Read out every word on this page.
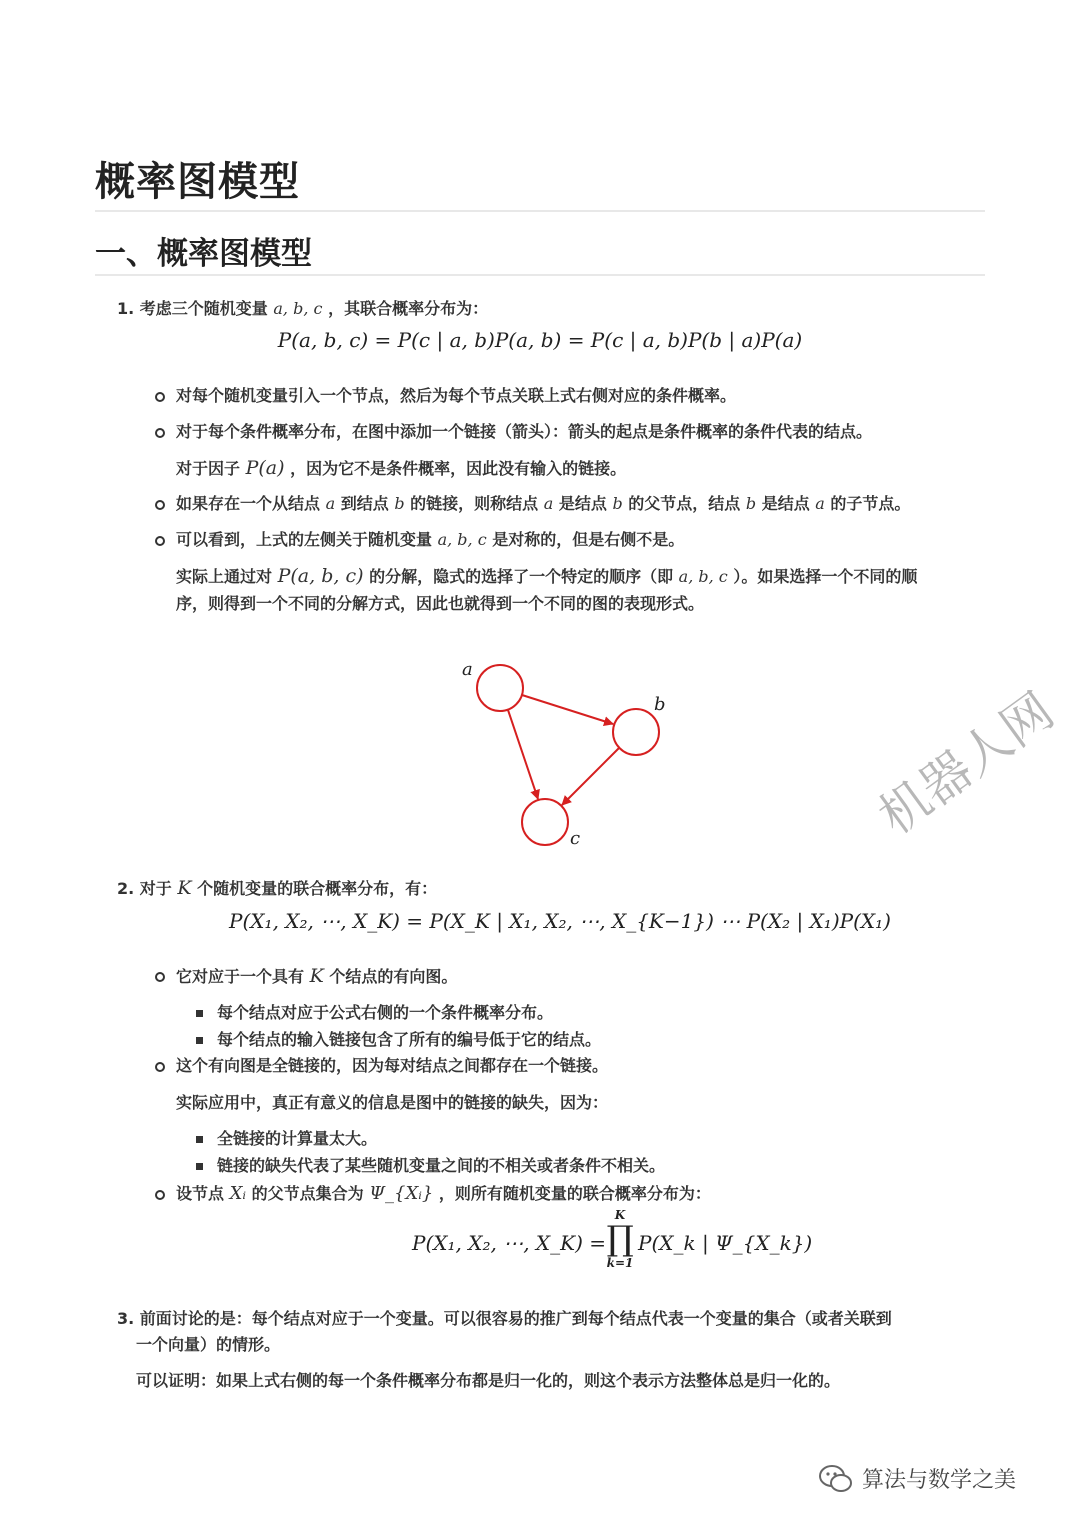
概率图模型
一、概率图模型
1. 考虑三个随机变量 a, b, c ，其联合概率分布为：
P(a, b, c) = P(c | a, b)P(a, b) = P(c | a, b)P(b | a)P(a)
对每个随机变量引入一个节点，然后为每个节点关联上式右侧对应的条件概率。
对于每个条件概率分布，在图中添加一个链接（箭头）：箭头的起点是条件概率的条件代表的结点。
对于因子 P(a) ，因为它不是条件概率，因此没有输入的链接。
如果存在一个从结点 a 到结点 b 的链接，则称结点 a 是结点 b 的父节点，结点 b 是结点 a 的子节点。
可以看到，上式的左侧关于随机变量 a, b, c 是对称的，但是右侧不是。
实际上通过对 P(a, b, c) 的分解，隐式的选择了一个特定的顺序（即 a, b, c ）。如果选择一个不同的顺
序，则得到一个不同的分解方式，因此也就得到一个不同的图的表现形式。
a
b
c	机器人网
2. 对于 K 个随机变量的联合概率分布，有：
P(X₁, X₂, ⋯, X_K) = P(X_K | X₁, X₂, ⋯, X_{K−1}) ⋯ P(X₂ | X₁)P(X₁)
它对应于一个具有 K 个结点的有向图。
每个结点对应于公式右侧的一个条件概率分布。
每个结点的输入链接包含了所有的编号低于它的结点。
这个有向图是全链接的，因为每对结点之间都存在一个链接。
实际应用中，真正有意义的信息是图中的链接的缺失，因为：
全链接的计算量太大。
链接的缺失代表了某些随机变量之间的不相关或者条件不相关。
设节点 Xᵢ 的父节点集合为 Ψ_{Xᵢ} ，则所有随机变量的联合概率分布为：
P(X₁, X₂, ⋯, X_K) =
K
∏
k=1
P(X_k | Ψ_{X_k})
3. 前面讨论的是：每个结点对应于一个变量。可以很容易的推广到每个结点代表一个变量的集合（或者关联到
一个向量）的情形。
可以证明：如果上式右侧的每一个条件概率分布都是归一化的，则这个表示方法整体总是归一化的。
算法与数学之美
